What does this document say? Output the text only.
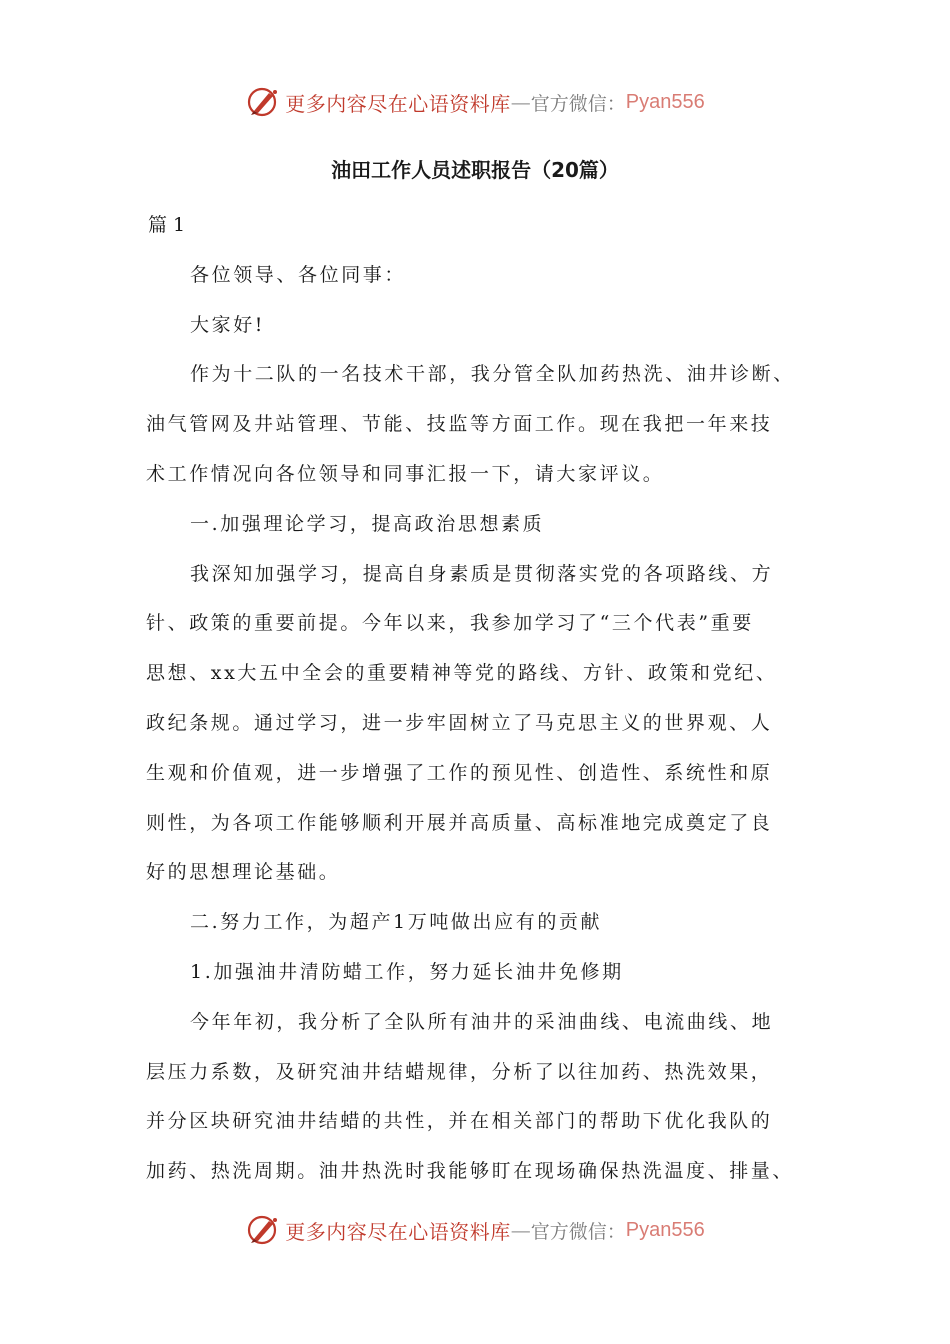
更多内容尽在心语资料库 — 官方微信： Pyan556
油田工作人员述职报告（20篇）

篇 1

各位领导、各位同事：

大家好!

作为十二队的一名技术干部，我分管全队加药热洗、油井诊断、

油气管网及井站管理、节能、技监等方面工作。现在我把一年来技

术工作情况向各位领导和同事汇报一下，请大家评议。

一.加强理论学习，提高政治思想素质

我深知加强学习，提高自身素质是贯彻落实党的各项路线、方

针、政策的重要前提。今年以来，我参加学习了“三个代表”重要

思想、xx大五中全会的重要精神等党的路线、方针、政策和党纪、

政纪条规。通过学习，进一步牢固树立了马克思主义的世界观、人

生观和价值观，进一步增强了工作的预见性、创造性、系统性和原

则性，为各项工作能够顺利开展并高质量、高标准地完成奠定了良

好的思想理论基础。

二.努力工作，为超产1万吨做出应有的贡献

1.加强油井清防蜡工作，努力延长油井免修期

今年年初，我分析了全队所有油井的采油曲线、电流曲线、地

层压力系数，及研究油井结蜡规律，分析了以往加药、热洗效果，

并分区块研究油井结蜡的共性，并在相关部门的帮助下优化我队的

加药、热洗周期。油井热洗时我能够盯在现场确保热洗温度、排量、

更多内容尽在心语资料库 — 官方微信： Pyan556
